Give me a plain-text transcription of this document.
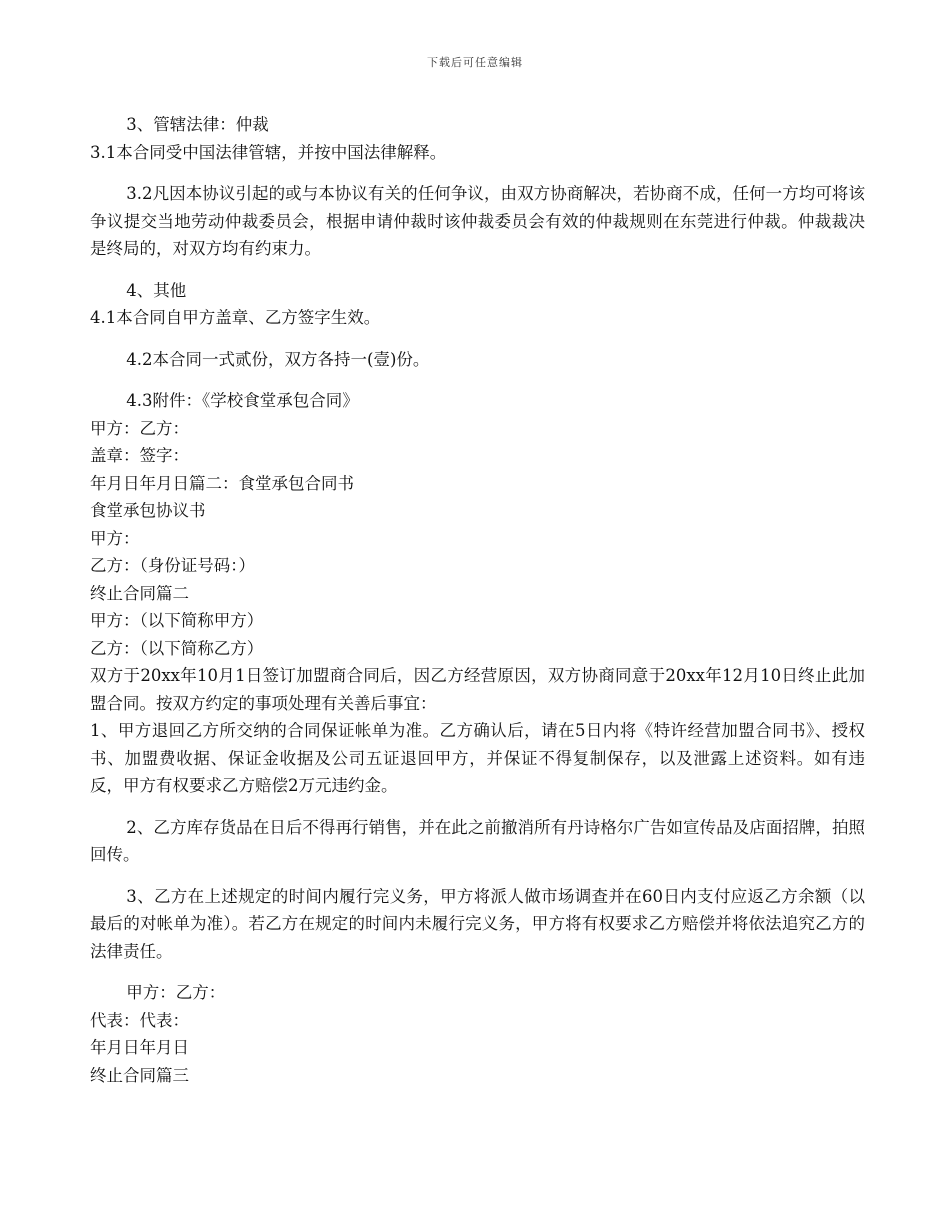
下载后可任意编辑

3、管辖法律：仲裁

3.1本合同受中国法律管辖，并按中国法律解释。

3.2凡因本协议引起的或与本协议有关的任何争议，由双方协商解决，若协商不成，任何一方均可将该争议提交当地劳动仲裁委员会，根据申请仲裁时该仲裁委员会有效的仲裁规则在东莞进行仲裁。仲裁裁决是终局的，对双方均有约束力。

4、其他

4.1本合同自甲方盖章、乙方签字生效。

4.2本合同一式贰份，双方各持一(壹)份。

4.3附件：《学校食堂承包合同》

甲方：乙方：

盖章：签字：

年月日年月日篇二：食堂承包合同书

食堂承包协议书

甲方：

乙方：（身份证号码：）

终止合同篇二

甲方：（以下简称甲方）

乙方：（以下简称乙方）

双方于20xx年10月1日签订加盟商合同后，因乙方经营原因，双方协商同意于20xx年12月10日终止此加盟合同。按双方约定的事项处理有关善后事宜：

1、甲方退回乙方所交纳的合同保证帐单为准。乙方确认后，请在5日内将《特许经营加盟合同书》、授权书、加盟费收据、保证金收据及公司五证退回甲方，并保证不得复制保存，以及泄露上述资料。如有违反，甲方有权要求乙方赔偿2万元违约金。

2、乙方库存货品在日后不得再行销售，并在此之前撤消所有丹诗格尔广告如宣传品及店面招牌，拍照回传。

3、乙方在上述规定的时间内履行完义务，甲方将派人做市场调查并在60日内支付应返乙方余额（以最后的对帐单为准）。若乙方在规定的时间内未履行完义务，甲方将有权要求乙方赔偿并将依法追究乙方的法律责任。

甲方：乙方：

代表：代表：

年月日年月日

终止合同篇三
